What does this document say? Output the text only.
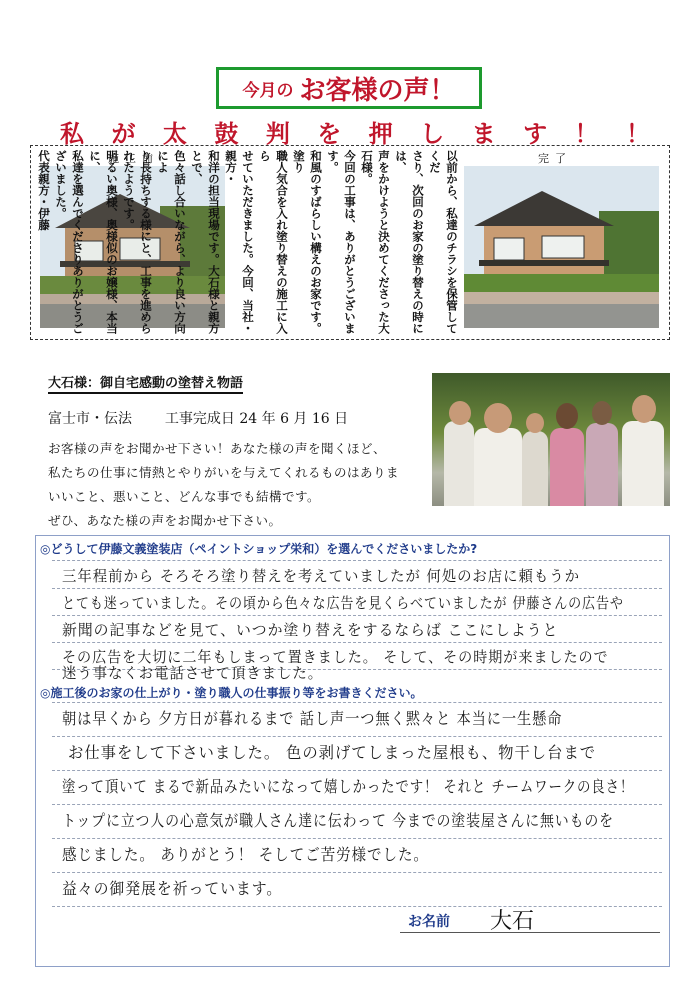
今月の お客様の声！
私 が 太 鼓 判 を 押 し ま す ！ ！
施工前	完了
以前から、私達のチラシを保管してくだ
さり、次回のお家の塗り替えの時には、
声をかけようと決めてくださった大石様。
今回の工事は、ありがとうございます。
和風のすばらしい構えのお家です。塗り
職人気合を入れ塗り替えの施工に入ら
せていただきました。今回、当社・親方・
和洋の担当現場です。大石様と親方とで、
色々話し合いながら、より良い方向によ
り長持ちする様にと、工事を進められたようです。
明るい奥様、奥様似のお嬢様、本当に、
私達を選んでくださりありがとうございました。
代表親方・伊藤
大石様：御自宅感動の塗替え物語
富士市・伝法 工事完成日 24 年 6 月 16 日
お客様の声をお聞かせ下さい！あなた様の声を聞くほど、
私たちの仕事に情熱とやりがいを与えてくれるものはありま
いいこと、悪いこと、どんな事でも結構です。
ぜひ、あなた様の声をお聞かせ下さい。
◎どうして伊藤文義塗装店（ペイントショップ栄和）を選んでくださいましたか?
三年程前から そろそろ塗り替えを考えていましたが 何処のお店に頼もうか
とても迷っていました。その頃から色々な広告を見くらべていましたが 伊藤さんの広告や
新聞の記事などを見て、いつか塗り替えをするならば ここにしようと
その広告を大切に二年もしまって置きました。 そして、その時期が来ましたので
迷う事なくお電話させて頂きました。
◎施工後のお家の仕上がり・塗り職人の仕事振り等をお書きください。
朝は早くから 夕方日が暮れるまで 話し声一つ無く黙々と 本当に一生懸命
お仕事をして下さいました。 色の剥げてしまった屋根も、物干し台まで
塗って頂いて まるで新品みたいになって嬉しかったです！ それと チームワークの良さ！
トップに立つ人の心意気が職人さん達に伝わって 今までの塗装屋さんに無いものを
感じました。 ありがとう！ そしてご苦労様でした。
益々の御発展を祈っています。
お名前 大石
